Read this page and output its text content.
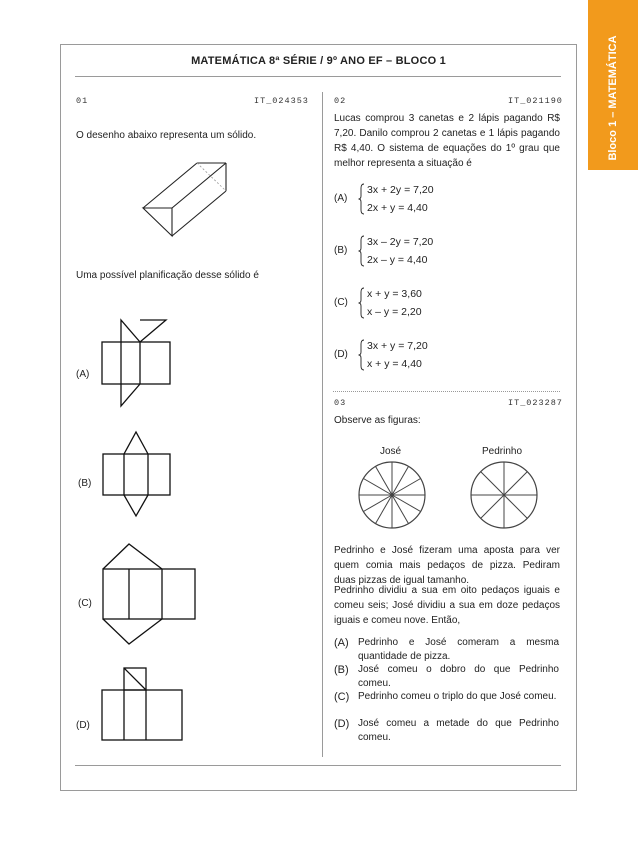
Bloco 1 – MATEMÁTICA
MATEMÁTICA 8ª SÉRIE / 9º ANO EF – BLOCO 1
01	IT_024353
O desenho abaixo representa um sólido.
Uma possível planificação desse sólido é
(A)
(B)
(C)
(D)
02	IT_021190
Lucas comprou 3 canetas e 2 lápis pagando R$ 7,20. Danilo comprou 2 canetas e 1 lápis pagando R$ 4,40. O sistema de equações do 1º grau que melhor representa a situação é
(A)
3x + 2y = 7,20
2x + y = 4,40
(B)
3x – 2y = 7,20
2x – y = 4,40
(C)
x + y = 3,60
x – y = 2,20
(D)
3x + y = 7,20
x + y = 4,40
03	IT_023287
Observe as figuras:
José	Pedrinho
Pedrinho e José fizeram uma aposta para ver quem comia mais pedaços de pizza. Pediram duas pizzas de igual tamanho.
Pedrinho dividiu a sua em oito pedaços iguais e comeu seis; José dividiu a sua em doze pedaços iguais e comeu nove. Então,
(A) Pedrinho e José comeram a mesma quantidade de pizza.
(B) José comeu o dobro do que Pedrinho comeu.
(C) Pedrinho comeu o triplo do que José comeu.
(D) José comeu a metade do que Pedrinho comeu.
